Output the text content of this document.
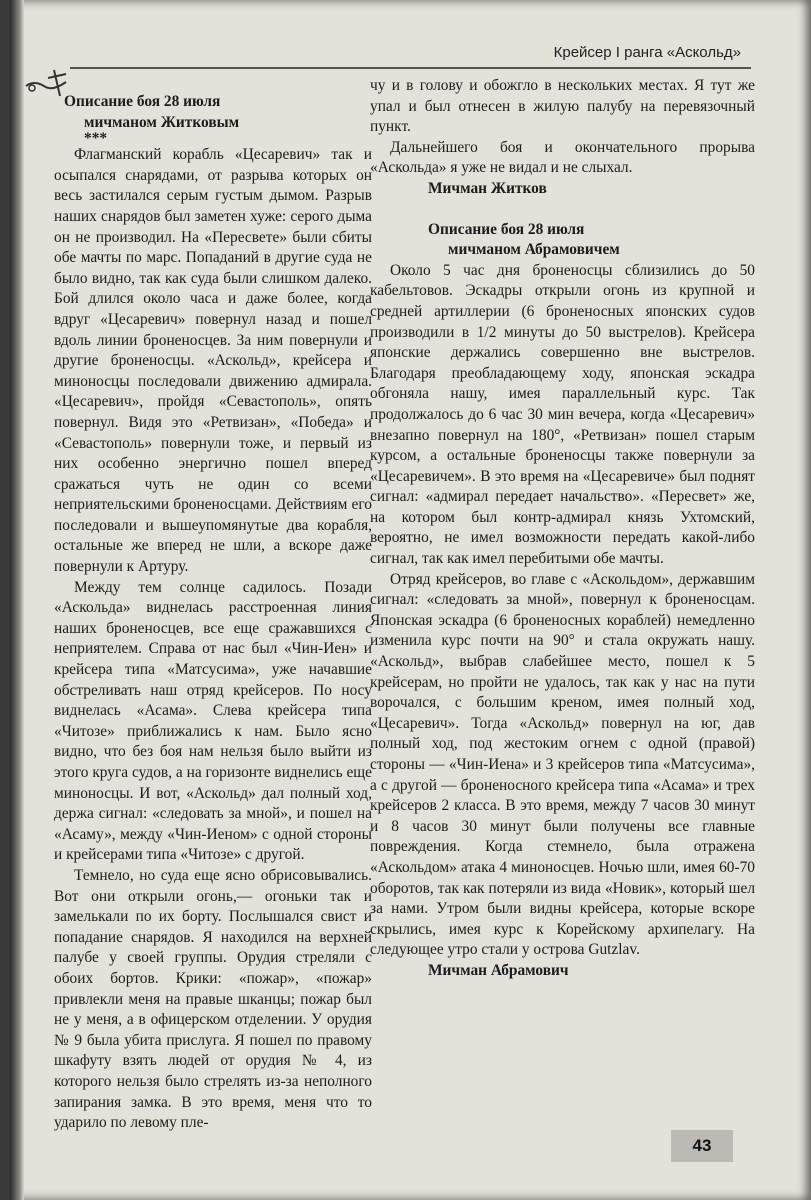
Крейсер I ранга «Аскольд»
Описание боя 28 июля
мичманом Житковым
***

Флагманский корабль «Цесаревич» так и осыпался снарядами, от разрыва которых он весь застилался серым густым дымом. Разрыв наших снарядов был заметен хуже: серого дыма он не производил. На «Пересвете» были сбиты обе мачты по марс. Попаданий в другие суда не было видно, так как суда были слишком далеко. Бой длился около часа и даже более, когда вдруг «Цесаревич» повернул назад и пошел вдоль линии броненосцев. За ним повернули и другие броненосцы. «Аскольд», крейсера и миноносцы последовали движению адмирала. «Цесаревич», пройдя «Севастополь», опять повернул. Видя это «Ретвизан», «Победа» и «Севастополь» повернули тоже, и первый из них особенно энергично пошел вперед сражаться чуть не один со всеми неприятельскими броненосцами. Действиям его последовали и вышеупомянутые два корабля, остальные же вперед не шли, а вскоре даже повернули к Артуру.

Между тем солнце садилось. Позади «Аскольда» виднелась расстроенная линия наших броненосцев, все еще сражавшихся с неприятелем. Справа от нас был «Чин-Иен» и крейсера типа «Матсусима», уже начавшие обстреливать наш отряд крейсеров. По носу виднелась «Асама». Слева крейсера типа «Читозе» приближались к нам. Было ясно видно, что без боя нам нельзя было выйти из этого круга судов, а на горизонте виднелись еще миноносцы. И вот, «Аскольд» дал полный ход, держа сигнал: «следовать за мной», и пошел на «Асаму», между «Чин-Иеном» с одной стороны и крейсерами типа «Читозе» с другой.

Темнело, но суда еще ясно обрисовывались. Вот они открыли огонь,— огоньки так и замелькали по их борту. Послышался свист и попадание снарядов. Я находился на верхней палубе у своей группы. Орудия стреляли с обоих бортов. Крики: «пожар», «пожар» привлекли меня на правые шканцы; пожар был не у меня, а в офицерском отделении. У орудия № 9 была убита прислуга. Я пошел по правому шкафуту взять людей от орудия № 4, из которого нельзя было стрелять из-за неполного запирания замка. В это время, меня что то ударило по левому пле-

чу и в голову и обожгло в нескольких местах. Я тут же упал и был отнесен в жилую палубу на перевязочный пункт.

Дальнейшего боя и окончательного прорыва «Аскольда» я уже не видал и не слыхал.

Мичман Житков

Описание боя 28 июля
мичманом Абрамовичем

Около 5 час дня броненосцы сблизились до 50 кабельтовов. Эскадры открыли огонь из крупной и средней артиллерии (6 броненосных японских судов производили в 1/2 минуты до 50 выстрелов). Крейсера японские держались совершенно вне выстрелов. Благодаря преобладающему ходу, японская эскадра обгоняла нашу, имея параллельный курс. Так продолжалось до 6 час 30 мин вечера, когда «Цесаревич» внезапно повернул на 180°, «Ретвизан» пошел старым курсом, а остальные броненосцы также повернули за «Цесаревичем». В это время на «Цесаревиче» был поднят сигнал: «адмирал передает начальство». «Пересвет» же, на котором был контр-адмирал князь Ухтомский, вероятно, не имел возможности передать какой-либо сигнал, так как имел перебитыми обе мачты.

Отряд крейсеров, во главе с «Аскольдом», державшим сигнал: «следовать за мной», повернул к броненосцам. Японская эскадра (6 броненосных кораблей) немедленно изменила курс почти на 90° и стала окружать нашу. «Аскольд», выбрав слабейшее место, пошел к 5 крейсерам, но пройти не удалось, так как у нас на пути ворочался, с большим креном, имея полный ход, «Цесаревич». Тогда «Аскольд» повернул на юг, дав полный ход, под жестоким огнем с одной (правой) стороны — «Чин-Иена» и 3 крейсеров типа «Матсусима», а с другой — броненосного крейсера типа «Асама» и трех крейсеров 2 класса. В это время, между 7 часов 30 минут и 8 часов 30 минут были получены все главные повреждения. Когда стемнело, была отражена «Аскольдом» атака 4 миноносцев. Ночью шли, имея 60-70 оборотов, так как потеряли из вида «Новик», который шел за нами. Утром были видны крейсера, которые вскоре скрылись, имея курс к Корейскому архипелагу. На следующее утро стали у острова Gutzlav.

Мичман Абрамович

43
